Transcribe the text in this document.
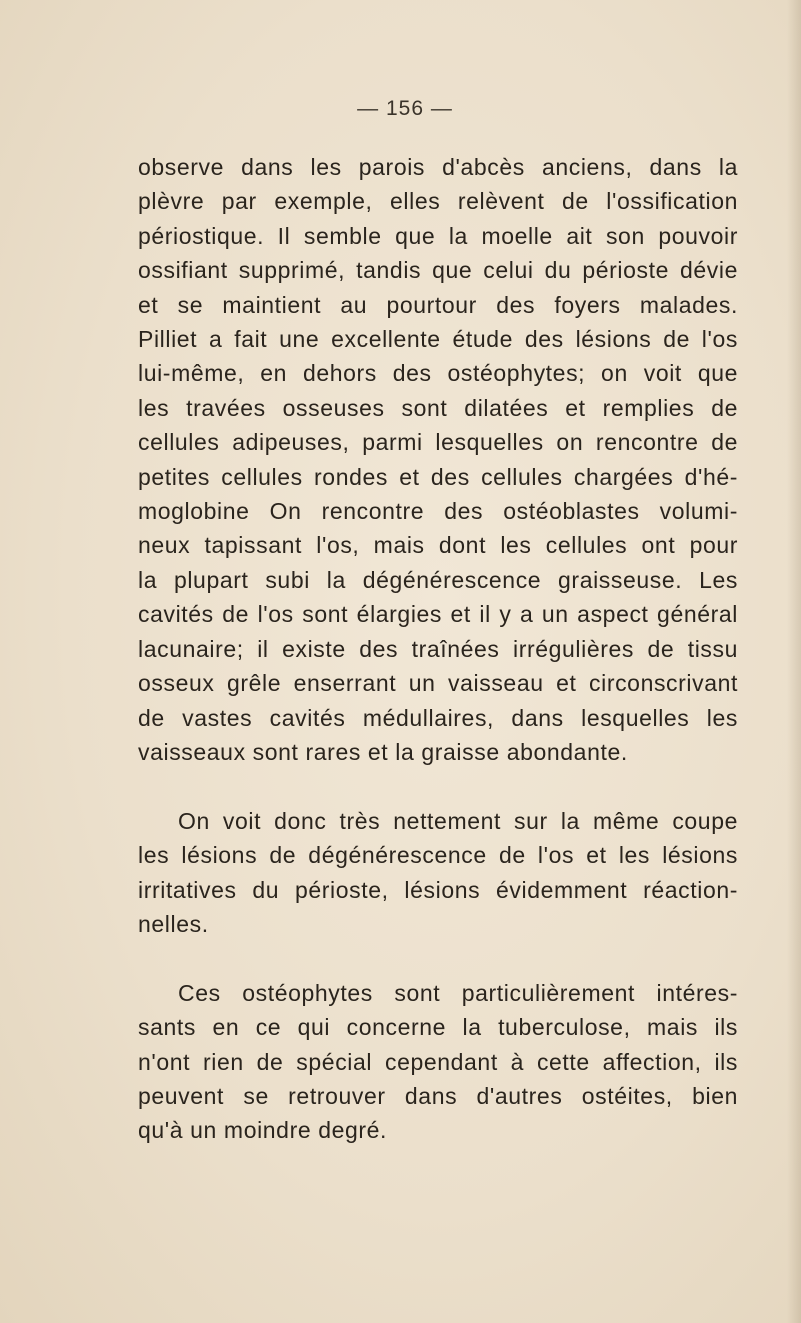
— 156 —

observe dans les parois d'abcès anciens, dans la
plèvre par exemple, elles relèvent de l'ossification
périostique. Il semble que la moelle ait son pouvoir
ossifiant supprimé, tandis que celui du périoste dévie
et se maintient au pourtour des foyers malades.
Pilliet a fait une excellente étude des lésions de l'os
lui-même, en dehors des ostéophytes; on voit que
les travées osseuses sont dilatées et remplies de
cellules adipeuses, parmi lesquelles on rencontre de
petites cellules rondes et des cellules chargées d'hé-
moglobine On rencontre des ostéoblastes volumi-
neux tapissant l'os, mais dont les cellules ont pour
la plupart subi la dégénérescence graisseuse. Les
cavités de l'os sont élargies et il y a un aspect général
lacunaire; il existe des traînées irrégulières de tissu
osseux grêle enserrant un vaisseau et circonscrivant
de vastes cavités médullaires, dans lesquelles les
vaisseaux sont rares et la graisse abondante.

On voit donc très nettement sur la même coupe
les lésions de dégénérescence de l'os et les lésions
irritatives du périoste, lésions évidemment réaction-
nelles.

Ces ostéophytes sont particulièrement intéres-
sants en ce qui concerne la tuberculose, mais ils
n'ont rien de spécial cependant à cette affection, ils
peuvent se retrouver dans d'autres ostéites, bien
qu'à un moindre degré.
